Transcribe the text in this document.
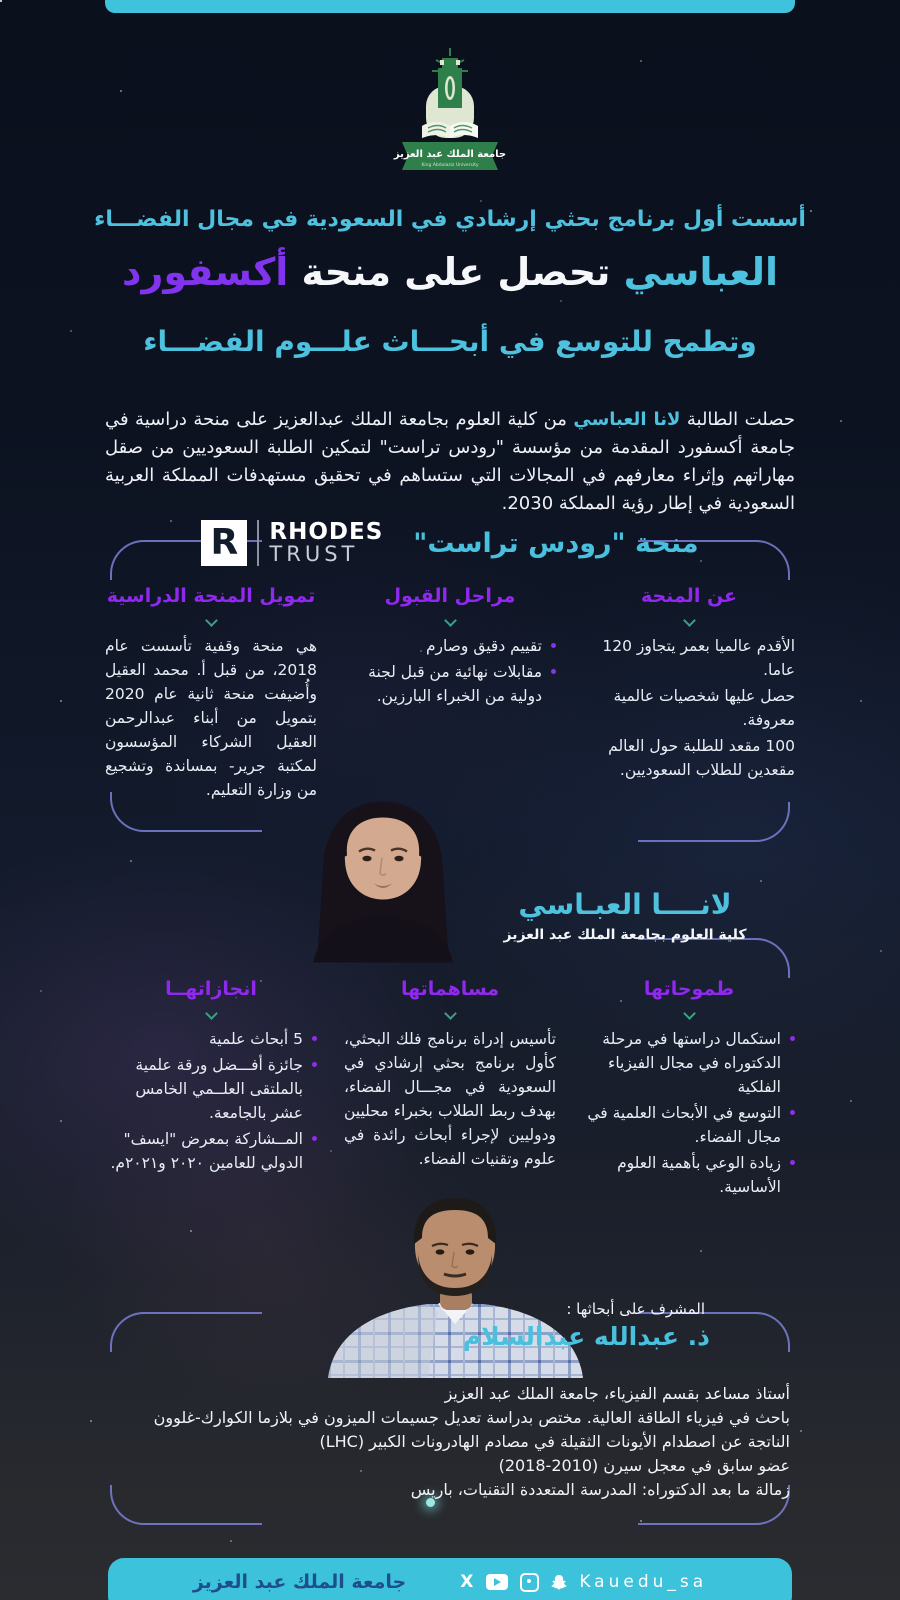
جامعة الملك عبد العزيز
King Abdulaziz University
أسست أول برنامج بحثي إرشادي في السعودية في مجال الفضـــاء
العباسي تحصل على منحة أكسفورد
وتطمح للتوسع في أبحـــاث علـــوم الفضـــاء

حصلت الطالبة لانا العباسي من كلية العلوم بجامعة الملك عبدالعزيز على منحة دراسية في جامعة أكسفورد المقدمة من مؤسسة "رودس تراست" لتمكين الطلبة السعوديين من صقل مهاراتهم وإثراء معارفهم في المجالات التي ستساهم في تحقيق مستهدفات المملكة العربية السعودية في إطار رؤية المملكة 2030.

R	RHODES
TRUST	منحة "رودس تراست"
عن المنحة
الأقدم عالميا بعمر يتجاوز 120 عاما.
حصل عليها شخصيات عالمية معروفة.
100 مقعد للطلبة حول العالم مقعدين للطلاب السعوديين.
مراحل القبول
تقييم دقيق وصارم
مقابلات نهائية من قبل لجنة دولية من الخبراء البارزين.
تمويل المنحة الدراسية
هي منحة وقفية تأسست عام 2018، من قبل أ. محمد العقيل وأُضيفت منحة ثانية عام 2020 بتمويل من أبناء عبدالرحمن العقيل الشركاء المؤسسون لمكتبة جرير- بمساندة وتشجيع من وزارة التعليم.
لانــــا العبـاسي
كلية العلوم بجامعة الملك عبد العزيز
طموحاتها
استكمال دراستها في مرحلة الدكتوراه في مجال الفيزياء الفلكية
التوسع في الأبحاث العلمية في مجال الفضاء.
زيادة الوعي بأهمية العلوم الأساسية.
مساهماتها
تأسيس إدراة برنامج فلك البحثي، كأول برنامج بحثي إرشادي في السعودية في مجـــال الفضاء، بهدف ربط الطلاب بخبراء محليين ودوليين لإجراء أبحاث رائدة في علوم وتقنيات الفضاء.
انجازاتهــا
5 أبحاث علمية
جائزة أفـــضل ورقة علمية بالملتقى العلــمي الخامس عشر بالجامعة.
المــشاركة بمعرض "ايسف" الدولي للعامين ٢٠٢٠ و٢٠٢١م.
المشرف على أبحاثها :
ذ. عبدالله عبدالسلام
أستاذ مساعد بقسم الفيزياء، جامعة الملك عبد العزيز
باحث في فيزياء الطاقة العالية. مختص بدراسة تعديل جسيمات الميزون في بلازما الكوارك-غلوون
الناتجة عن اصطدام الأيونات الثقيلة في مصادم الهادرونات الكبير (LHC)
عضو سابق في معجل سيرن (2010-2018)
زمالة ما بعد الدكتوراه: المدرسة المتعددة التقنيات، باريس
جامعة الملك عبد العزيز	X	Kauedu_sa
